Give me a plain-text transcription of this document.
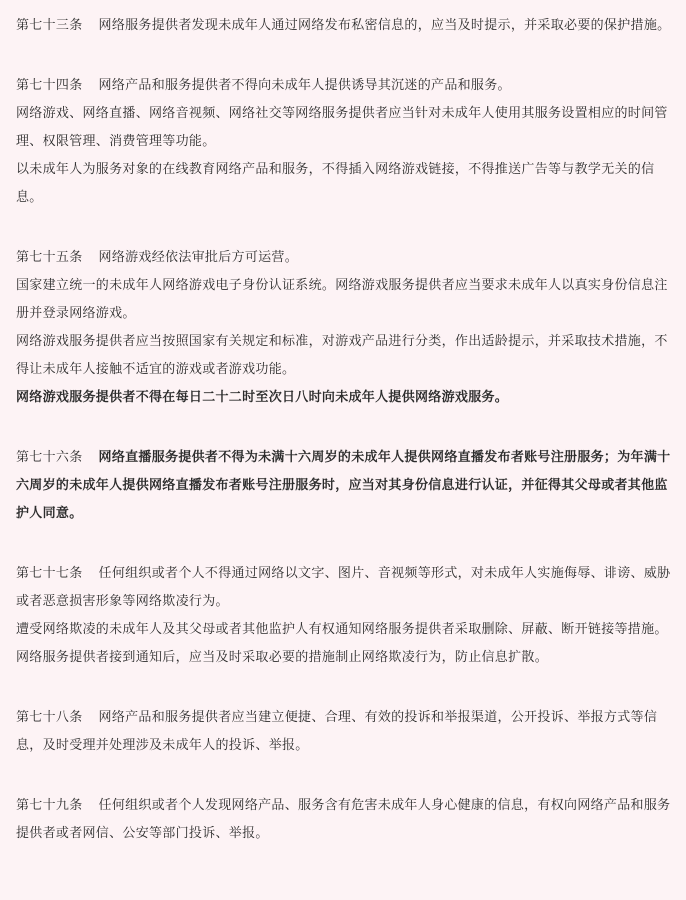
第七十三条 网络服务提供者发现未成年人通过网络发布私密信息的，应当及时提示，并采取必要的保护措施。

第七十四条 网络产品和服务提供者不得向未成年人提供诱导其沉迷的产品和服务。

网络游戏、网络直播、网络音视频、网络社交等网络服务提供者应当针对未成年人使用其服务设置相应的时间管理、权限管理、消费管理等功能。

以未成年人为服务对象的在线教育网络产品和服务，不得插入网络游戏链接，不得推送广告等与教学无关的信息。

第七十五条 网络游戏经依法审批后方可运营。

国家建立统一的未成年人网络游戏电子身份认证系统。网络游戏服务提供者应当要求未成年人以真实身份信息注册并登录网络游戏。

网络游戏服务提供者应当按照国家有关规定和标准，对游戏产品进行分类，作出适龄提示，并采取技术措施，不得让未成年人接触不适宜的游戏或者游戏功能。

网络游戏服务提供者不得在每日二十二时至次日八时向未成年人提供网络游戏服务。

第七十六条 网络直播服务提供者不得为未满十六周岁的未成年人提供网络直播发布者账号注册服务；为年满十六周岁的未成年人提供网络直播发布者账号注册服务时，应当对其身份信息进行认证，并征得其父母或者其他监护人同意。

第七十七条 任何组织或者个人不得通过网络以文字、图片、音视频等形式，对未成年人实施侮辱、诽谤、威胁或者恶意损害形象等网络欺凌行为。

遭受网络欺凌的未成年人及其父母或者其他监护人有权通知网络服务提供者采取删除、屏蔽、断开链接等措施。网络服务提供者接到通知后，应当及时采取必要的措施制止网络欺凌行为，防止信息扩散。

第七十八条 网络产品和服务提供者应当建立便捷、合理、有效的投诉和举报渠道，公开投诉、举报方式等信息，及时受理并处理涉及未成年人的投诉、举报。

第七十九条 任何组织或者个人发现网络产品、服务含有危害未成年人身心健康的信息，有权向网络产品和服务提供者或者网信、公安等部门投诉、举报。
